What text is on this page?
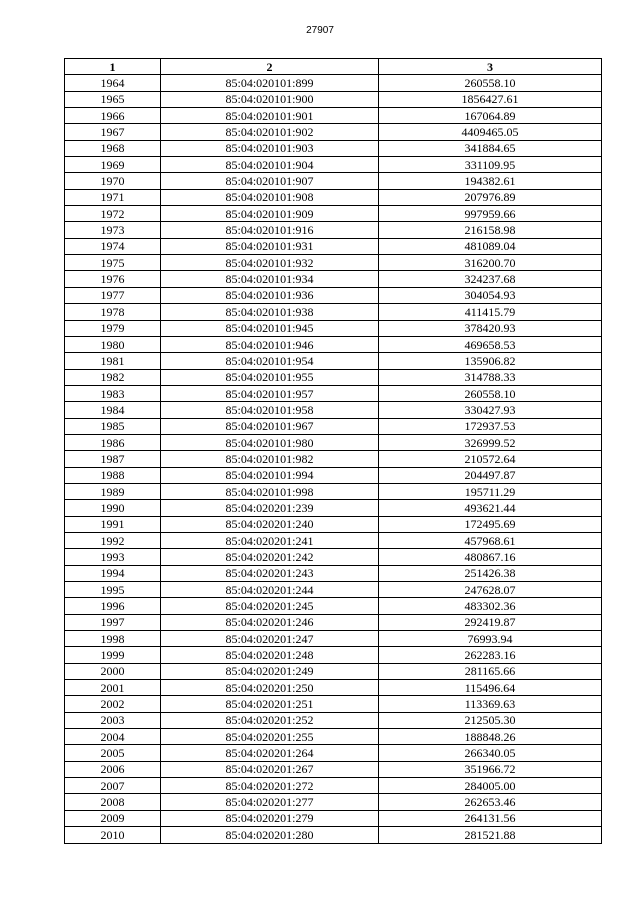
27907
1	2	3
1964	85:04:020101:899	260558.10
1965	85:04:020101:900	1856427.61
1966	85:04:020101:901	167064.89
1967	85:04:020101:902	4409465.05
1968	85:04:020101:903	341884.65
1969	85:04:020101:904	331109.95
1970	85:04:020101:907	194382.61
1971	85:04:020101:908	207976.89
1972	85:04:020101:909	997959.66
1973	85:04:020101:916	216158.98
1974	85:04:020101:931	481089.04
1975	85:04:020101:932	316200.70
1976	85:04:020101:934	324237.68
1977	85:04:020101:936	304054.93
1978	85:04:020101:938	411415.79
1979	85:04:020101:945	378420.93
1980	85:04:020101:946	469658.53
1981	85:04:020101:954	135906.82
1982	85:04:020101:955	314788.33
1983	85:04:020101:957	260558.10
1984	85:04:020101:958	330427.93
1985	85:04:020101:967	172937.53
1986	85:04:020101:980	326999.52
1987	85:04:020101:982	210572.64
1988	85:04:020101:994	204497.87
1989	85:04:020101:998	195711.29
1990	85:04:020201:239	493621.44
1991	85:04:020201:240	172495.69
1992	85:04:020201:241	457968.61
1993	85:04:020201:242	480867.16
1994	85:04:020201:243	251426.38
1995	85:04:020201:244	247628.07
1996	85:04:020201:245	483302.36
1997	85:04:020201:246	292419.87
1998	85:04:020201:247	76993.94
1999	85:04:020201:248	262283.16
2000	85:04:020201:249	281165.66
2001	85:04:020201:250	115496.64
2002	85:04:020201:251	113369.63
2003	85:04:020201:252	212505.30
2004	85:04:020201:255	188848.26
2005	85:04:020201:264	266340.05
2006	85:04:020201:267	351966.72
2007	85:04:020201:272	284005.00
2008	85:04:020201:277	262653.46
2009	85:04:020201:279	264131.56
2010	85:04:020201:280	281521.88
